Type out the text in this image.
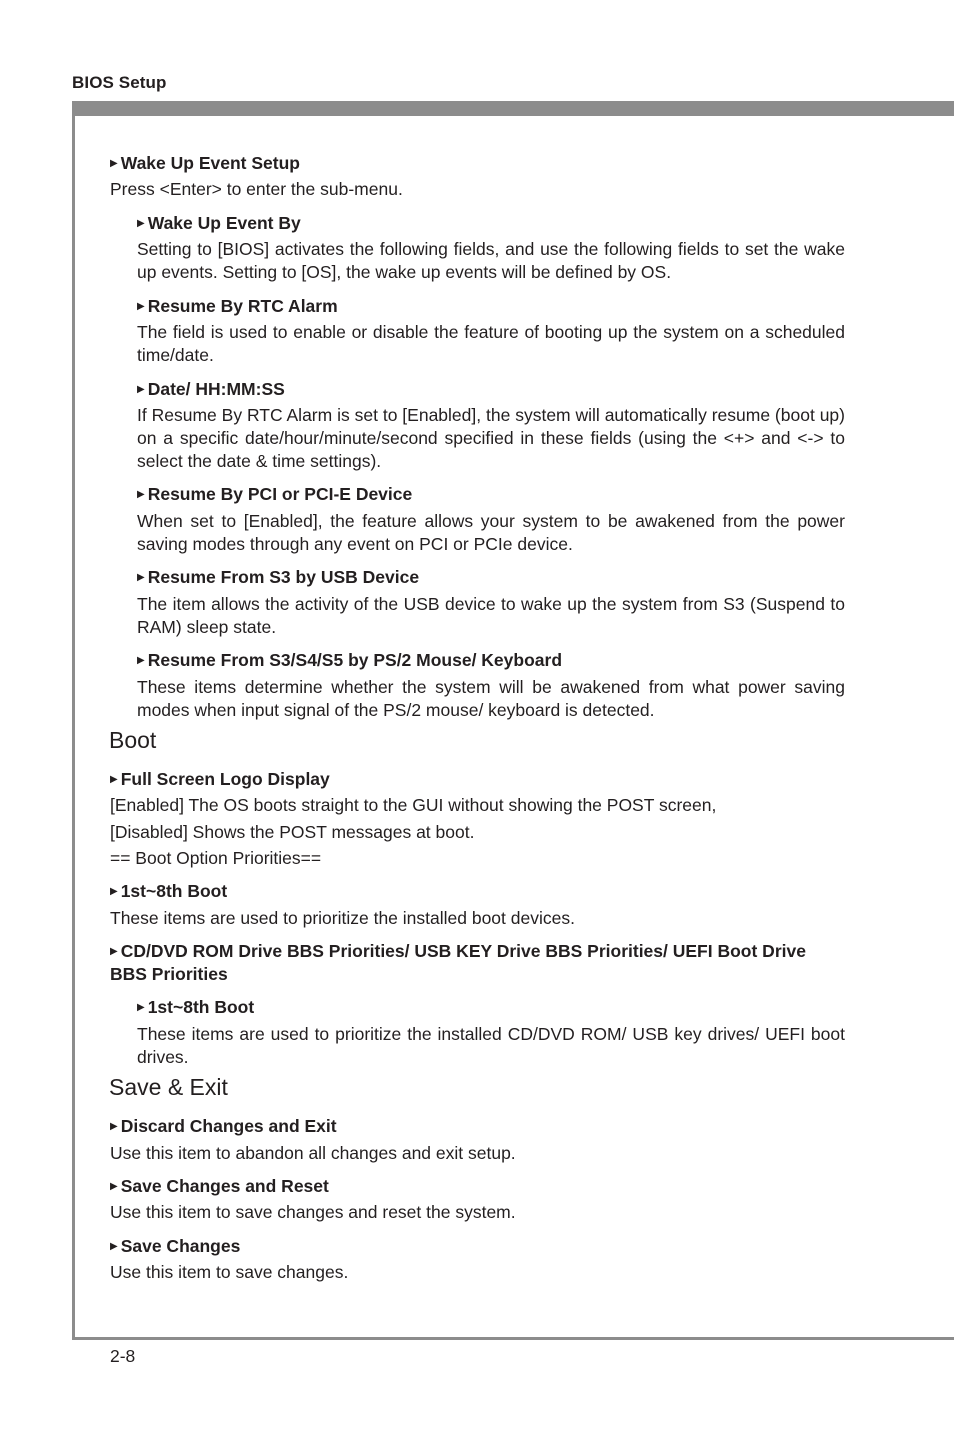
BIOS Setup
▶ Wake Up Event Setup
Press <Enter> to enter the sub-menu.
▶ Wake Up Event By
Setting to [BIOS] activates the following fields, and use the following fields to set the wake up events. Setting to [OS], the wake up events will be defined by OS.
▶ Resume By RTC Alarm
The field is used to enable or disable the feature of booting up the system on a scheduled time/date.
▶ Date/ HH:MM:SS
If Resume By RTC Alarm is set to [Enabled], the system will automatically resume (boot up) on a specific date/hour/minute/second specified in these fields (using the <+> and <-> to select the date & time settings).
▶ Resume By PCI or PCI-E Device
When set to [Enabled], the feature allows your system to be awakened from the power saving modes through any event on PCI or PCIe device.
▶ Resume From S3 by USB Device
The item allows the activity of the USB device to wake up the system from S3 (Suspend to RAM) sleep state.
▶ Resume From S3/S4/S5 by PS/2 Mouse/ Keyboard
These items determine whether the system will be awakened from what power saving modes when input signal of the PS/2 mouse/ keyboard is detected.
Boot
▶ Full Screen Logo Display
[Enabled] The OS boots straight to the GUI without showing the POST screen,
[Disabled] Shows the POST messages at boot.
== Boot Option Priorities==
▶ 1st~8th Boot
These items are used to prioritize the installed boot devices.
▶ CD/DVD ROM Drive BBS Priorities/ USB KEY Drive BBS Priorities/ UEFI Boot Drive
BBS Priorities
▶ 1st~8th Boot
These items are used to prioritize the installed CD/DVD ROM/ USB key drives/ UEFI boot drives.
Save & Exit
▶ Discard Changes and Exit
Use this item to abandon all changes and exit setup.
▶ Save Changes and Reset
Use this item to save changes and reset the system.
▶ Save Changes
Use this item to save changes.
2-8
